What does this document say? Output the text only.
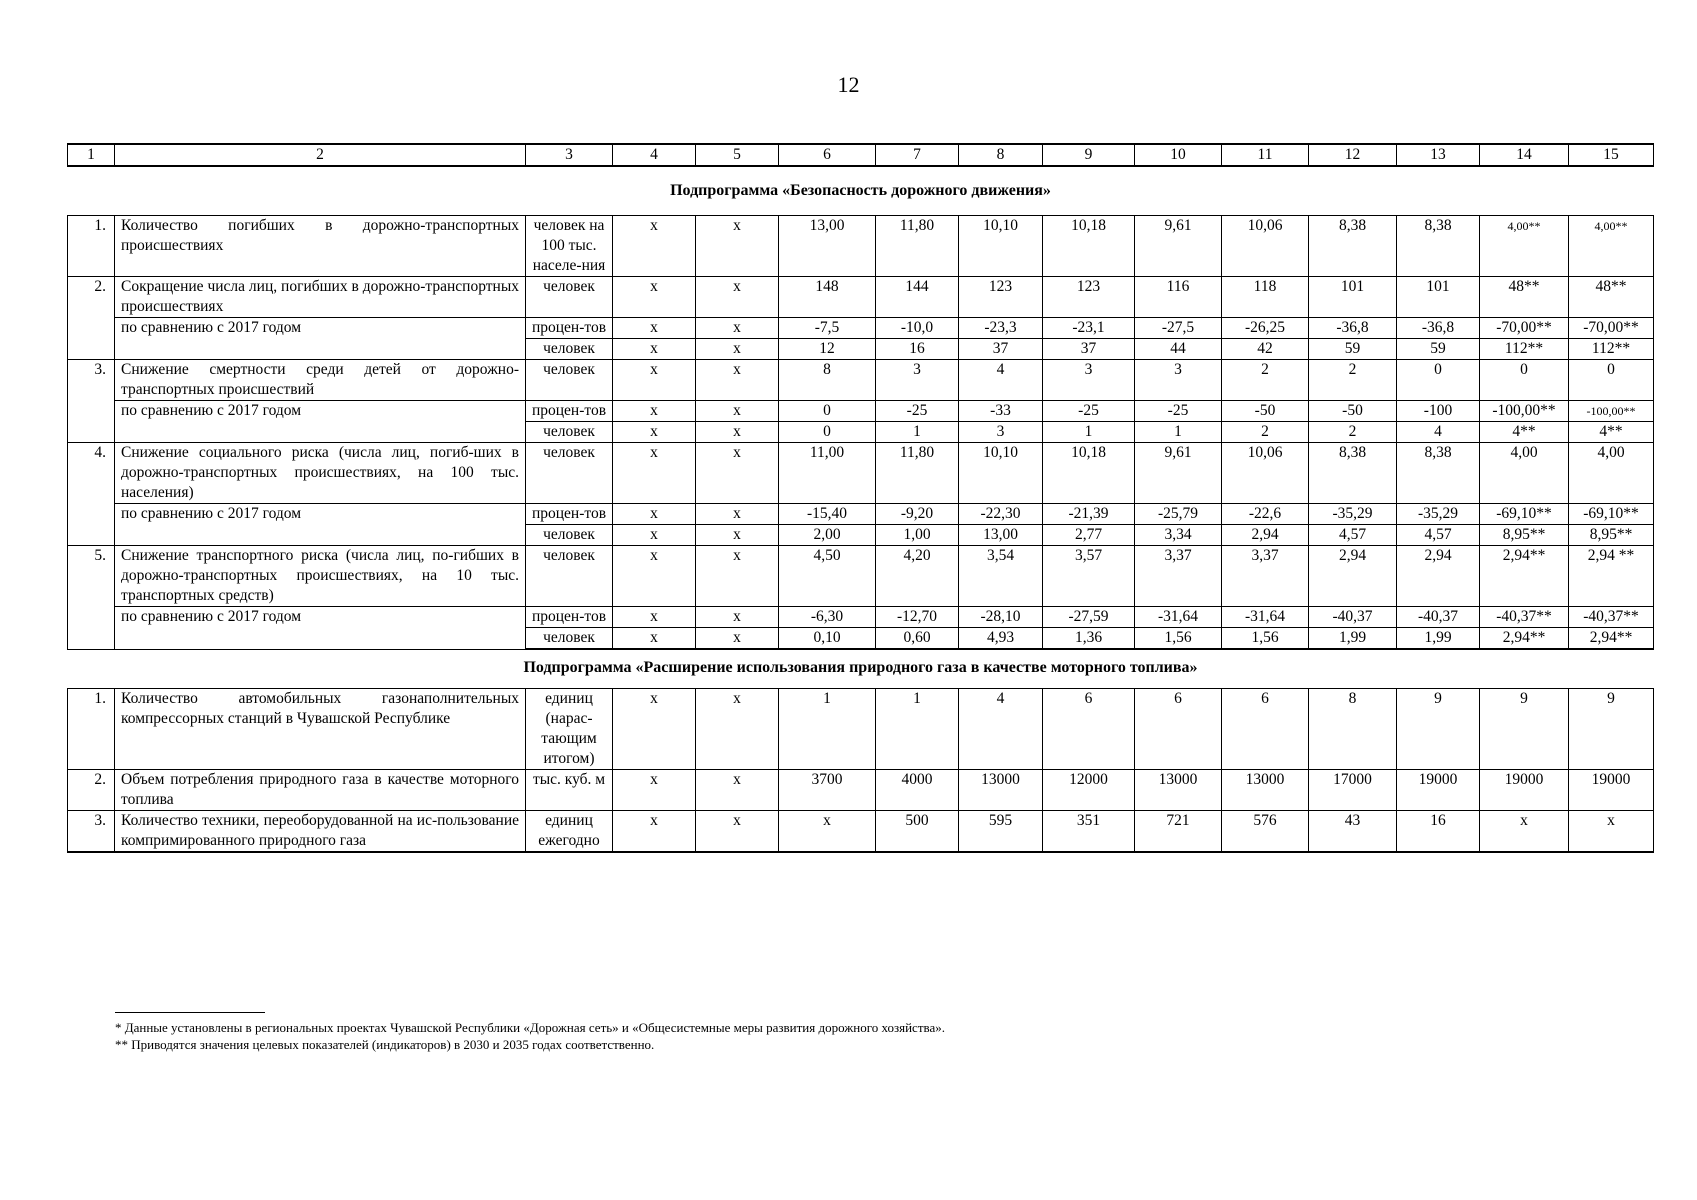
12
1	2	3	4	5	6	7	8	9	10	11	12	13	14	15
Подпрограмма «Безопасность дорожного движения»														
1.	Количество погибших в дорожно-транспортных происшествиях	человек на 100 тыс. населе-ния	x	x	13,00	11,80	10,10	10,18	9,61	10,06	8,38	8,38	4,00**	4,00**
2.	Сокращение числа лиц, погибших в дорожно-транспортных происшествиях	человек	x	x	148	144	123	123	116	118	101	101	48**	48**
	по сравнению с 2017 годом	процен-тов	x	x	-7,5	-10,0	-23,3	-23,1	-27,5	-26,25	-36,8	-36,8	-70,00**	-70,00**
		человек	x	x	12	16	37	37	44	42	59	59	112**	112**
3.	Снижение смертности среди детей от дорожно-транспортных происшествий	человек	x	x	8	3	4	3	3	2	2	0	0	0
	по сравнению с 2017 годом	процен-тов	x	x	0	-25	-33	-25	-25	-50	-50	-100	-100,00**	-100,00**
		человек	x	x	0	1	3	1	1	2	2	4	4**	4**
4.	Снижение социального риска (числа лиц, погиб-ших в дорожно-транспортных происшествиях, на 100 тыс. населения)	человек	x	x	11,00	11,80	10,10	10,18	9,61	10,06	8,38	8,38	4,00	4,00
	по сравнению с 2017 годом	процен-тов	x	x	-15,40	-9,20	-22,30	-21,39	-25,79	-22,6	-35,29	-35,29	-69,10**	-69,10**
		человек	x	x	2,00	1,00	13,00	2,77	3,34	2,94	4,57	4,57	8,95**	8,95**
5.	Снижение транспортного риска (числа лиц, по-гибших в дорожно-транспортных происшествиях, на 10 тыс. транспортных средств)	человек	x	x	4,50	4,20	3,54	3,57	3,37	3,37	2,94	2,94	2,94**	2,94 **
	по сравнению с 2017 годом	процен-тов	x	x	-6,30	-12,70	-28,10	-27,59	-31,64	-31,64	-40,37	-40,37	-40,37**	-40,37**
		человек	x	x	0,10	0,60	4,93	1,36	1,56	1,56	1,99	1,99	2,94**	2,94**
Подпрограмма «Расширение использования природного газа в качестве моторного топлива»														
1.	Количество автомобильных газонаполнительных компрессорных станций в Чувашской Республике	единиц (нарас-тающим итогом)	x	x	1	1	4	6	6	6	8	9	9	9
2.	Объем потребления природного газа в качестве моторного топлива	тыс. куб. м	x	x	3700	4000	13000	12000	13000	13000	17000	19000	19000	19000
3.	Количество техники, переоборудованной на ис-пользование компримированного природного газа	единиц ежегодно	x	x	x	500	595	351	721	576	43	16	x	x
* Данные установлены в региональных проектах Чувашской Республики «Дорожная сеть» и «Общесистемные меры развития дорожного хозяйства».
** Приводятся значения целевых показателей (индикаторов) в 2030 и 2035 годах соответственно.
